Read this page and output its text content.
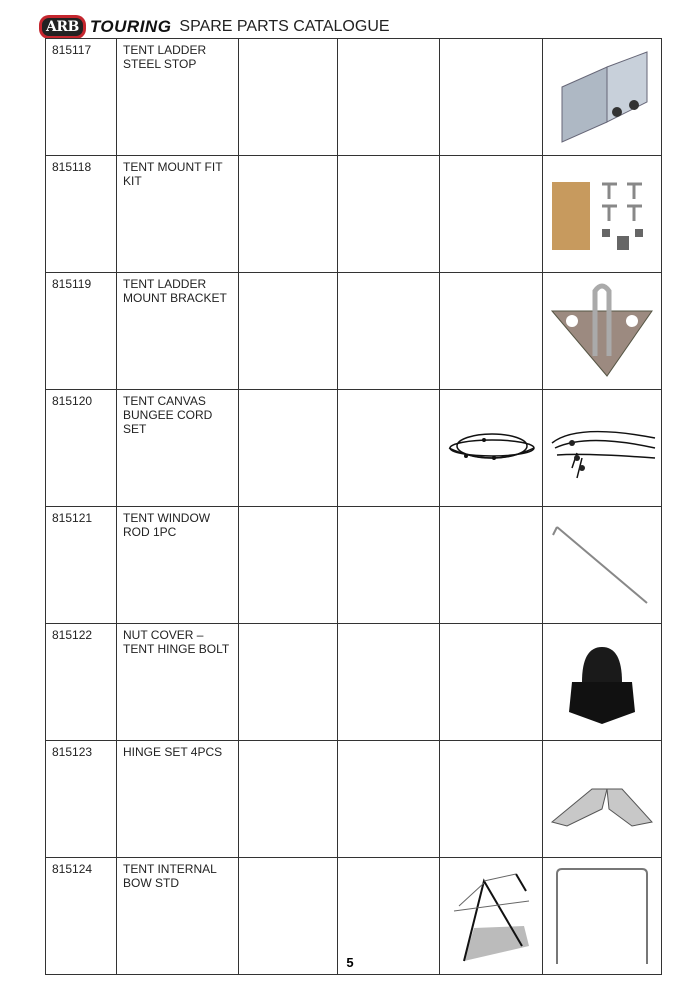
ARB TOURING SPARE PARTS CATALOGUE
815117	TENT LADDER STEEL STOP				

815118	TENT MOUNT FIT KIT				

815119	TENT LADDER MOUNT BRACKET				

815120	TENT CANVAS BUNGEE CORD SET			

815121	TENT WINDOW ROD 1PC				

815122	NUT COVER – TENT HINGE BOLT				

815123	HINGE SET 4PCS				

815124	TENT INTERNAL BOW STD			

5
